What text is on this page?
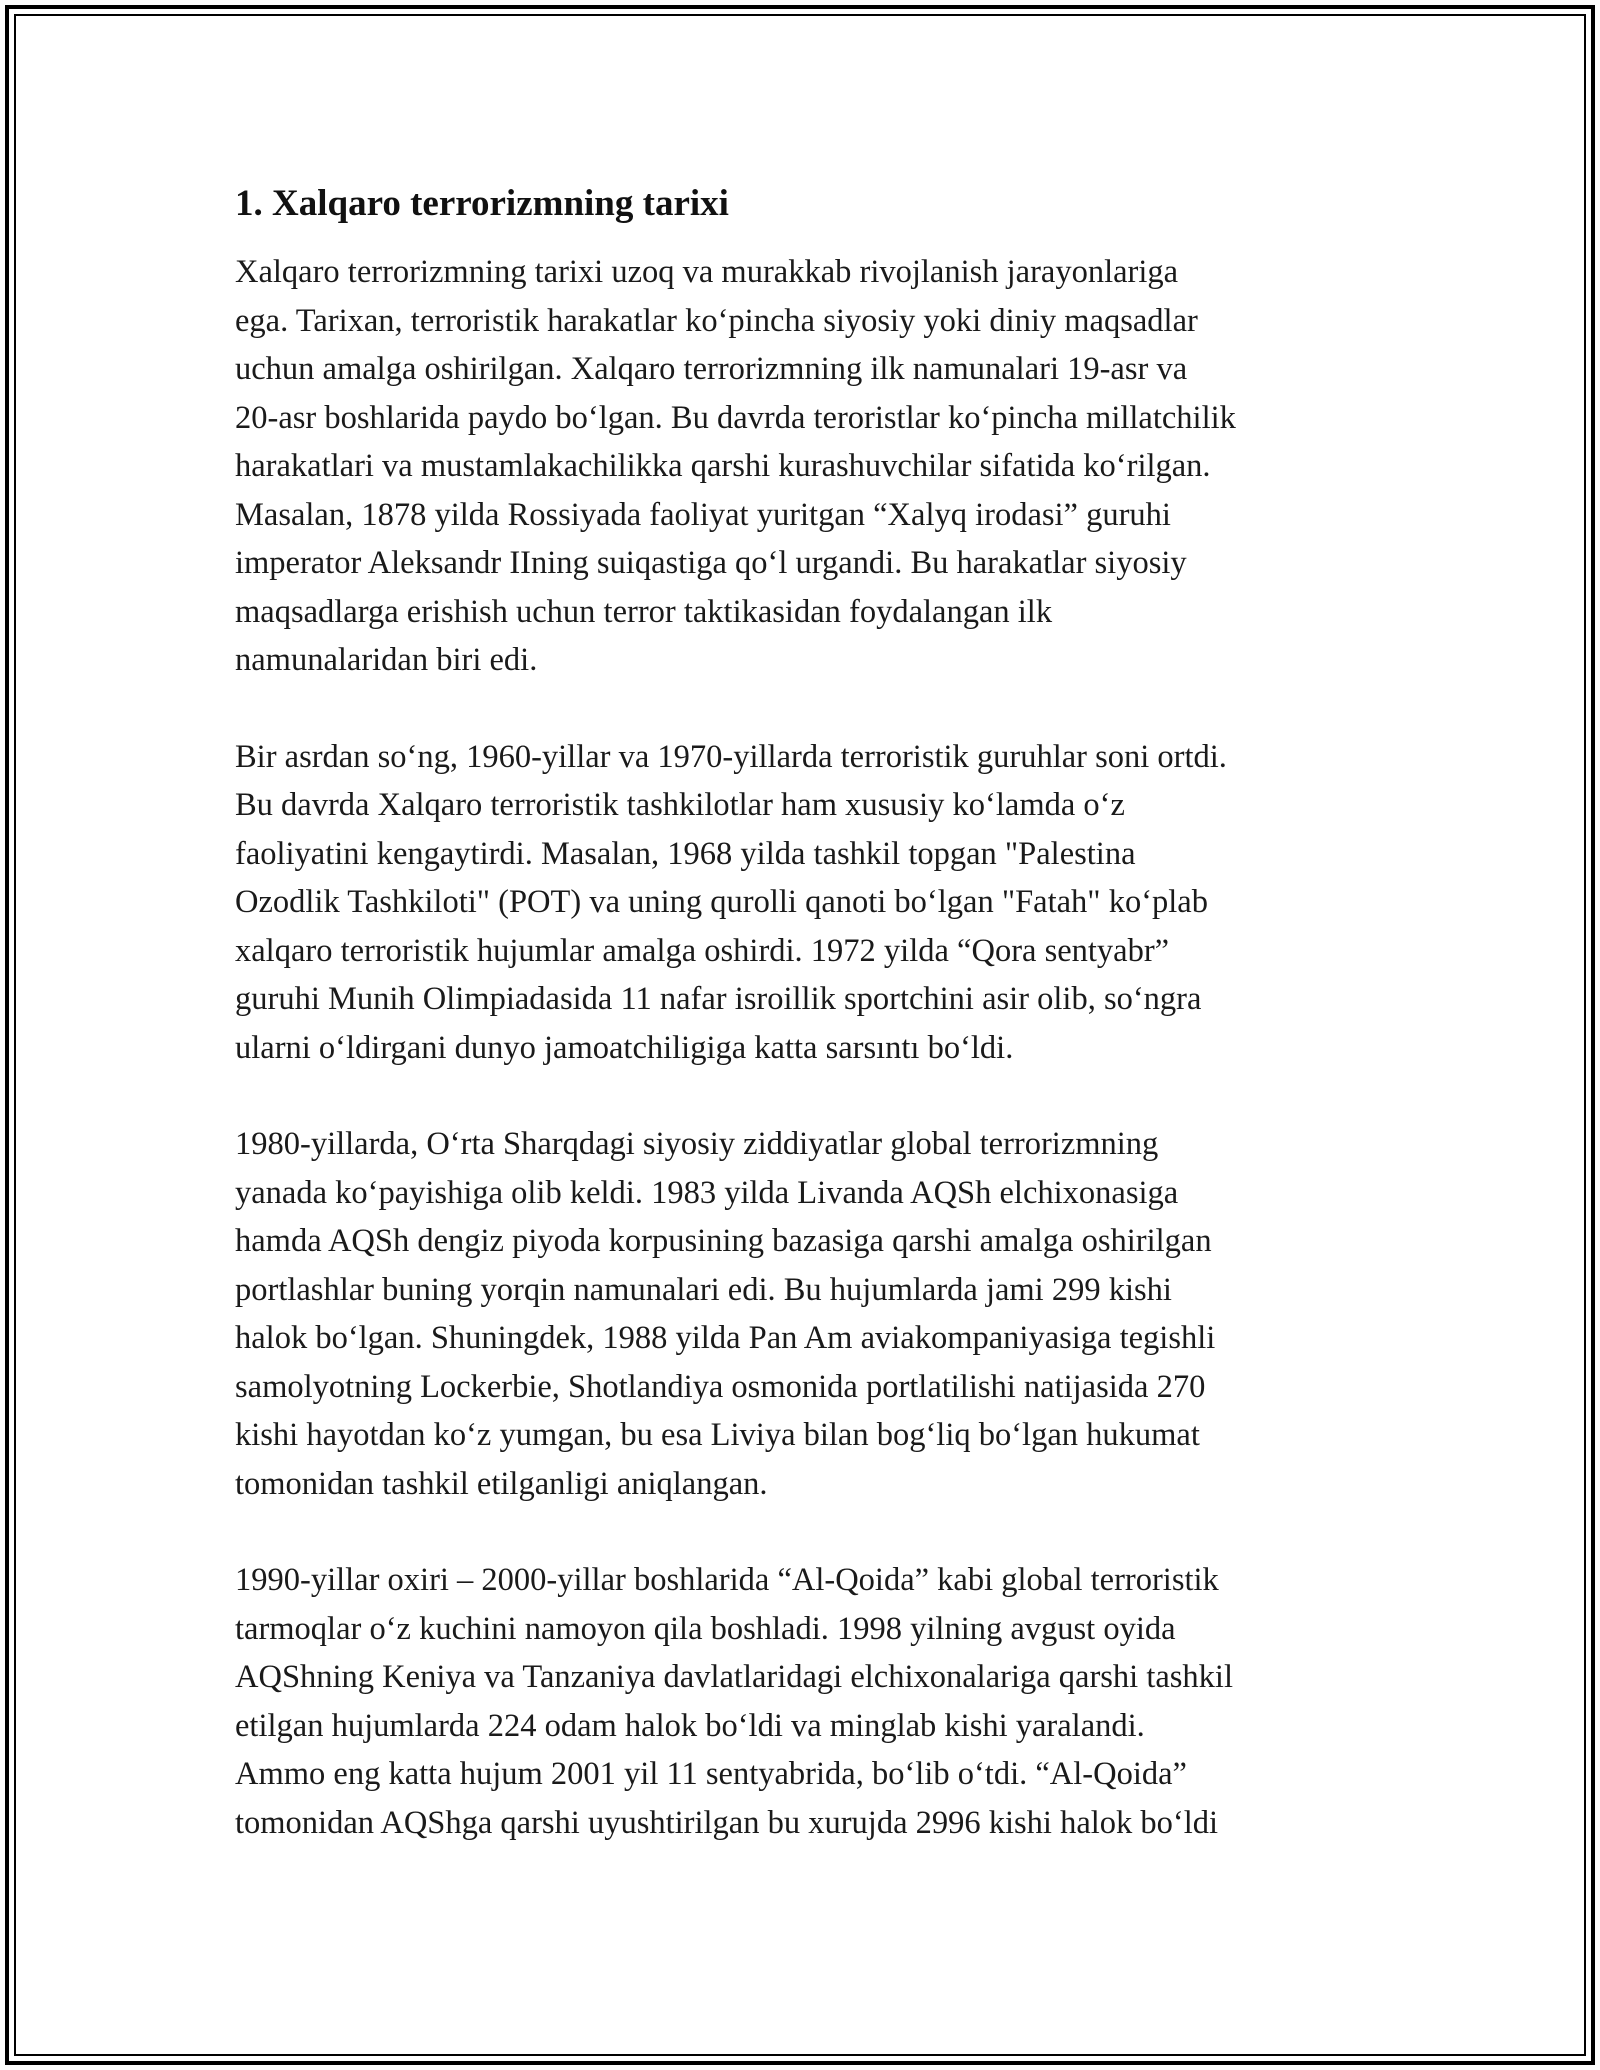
1. Xalqaro terrorizmning tarixi

Xalqaro terrorizmning tarixi uzoq va murakkab rivojlanish jarayonlariga
ega. Tarixan, terroristik harakatlar ko‘pincha siyosiy yoki diniy maqsadlar
uchun amalga oshirilgan. Xalqaro terrorizmning ilk namunalari 19-asr va
20-asr boshlarida paydo bo‘lgan. Bu davrda teroristlar ko‘pincha millatchilik
harakatlari va mustamlakachilikka qarshi kurashuvchilar sifatida ko‘rilgan.
Masalan, 1878 yilda Rossiyada faoliyat yuritgan “Xalyq irodasi” guruhi
imperator Aleksandr IIning suiqastiga qo‘l urgandi. Bu harakatlar siyosiy
maqsadlarga erishish uchun terror taktikasidan foydalangan ilk
namunalaridan biri edi.

Bir asrdan so‘ng, 1960-yillar va 1970-yillarda terroristik guruhlar soni ortdi.
Bu davrda Xalqaro terroristik tashkilotlar ham xususiy ko‘lamda o‘z
faoliyatini kengaytirdi. Masalan, 1968 yilda tashkil topgan "Palestina
Ozodlik Tashkiloti" (POT) va uning qurolli qanoti bo‘lgan "Fatah" ko‘plab
xalqaro terroristik hujumlar amalga oshirdi. 1972 yilda “Qora sentyabr”
guruhi Munih Olimpiadasida 11 nafar isroillik sportchini asir olib, so‘ngra
ularni o‘ldirgani dunyo jamoatchiligiga katta sarsıntı bo‘ldi.

1980-yillarda, O‘rta Sharqdagi siyosiy ziddiyatlar global terrorizmning
yanada ko‘payishiga olib keldi. 1983 yilda Livanda AQSh elchixonasiga
hamda AQSh dengiz piyoda korpusining bazasiga qarshi amalga oshirilgan
portlashlar buning yorqin namunalari edi. Bu hujumlarda jami 299 kishi
halok bo‘lgan. Shuningdek, 1988 yilda Pan Am aviakompaniyasiga tegishli
samolyotning Lockerbie, Shotlandiya osmonida portlatilishi natijasida 270
kishi hayotdan ko‘z yumgan, bu esa Liviya bilan bog‘liq bo‘lgan hukumat
tomonidan tashkil etilganligi aniqlangan.

1990-yillar oxiri – 2000-yillar boshlarida “Al-Qoida” kabi global terroristik
tarmoqlar o‘z kuchini namoyon qila boshladi. 1998 yilning avgust oyida
AQShning Keniya va Tanzaniya davlatlaridagi elchixonalariga qarshi tashkil
etilgan hujumlarda 224 odam halok bo‘ldi va minglab kishi yaralandi.
Ammo eng katta hujum 2001 yil 11 sentyabrida, bo‘lib o‘tdi. “Al-Qoida”
tomonidan AQShga qarshi uyushtirilgan bu xurujda 2996 kishi halok bo‘ldi
